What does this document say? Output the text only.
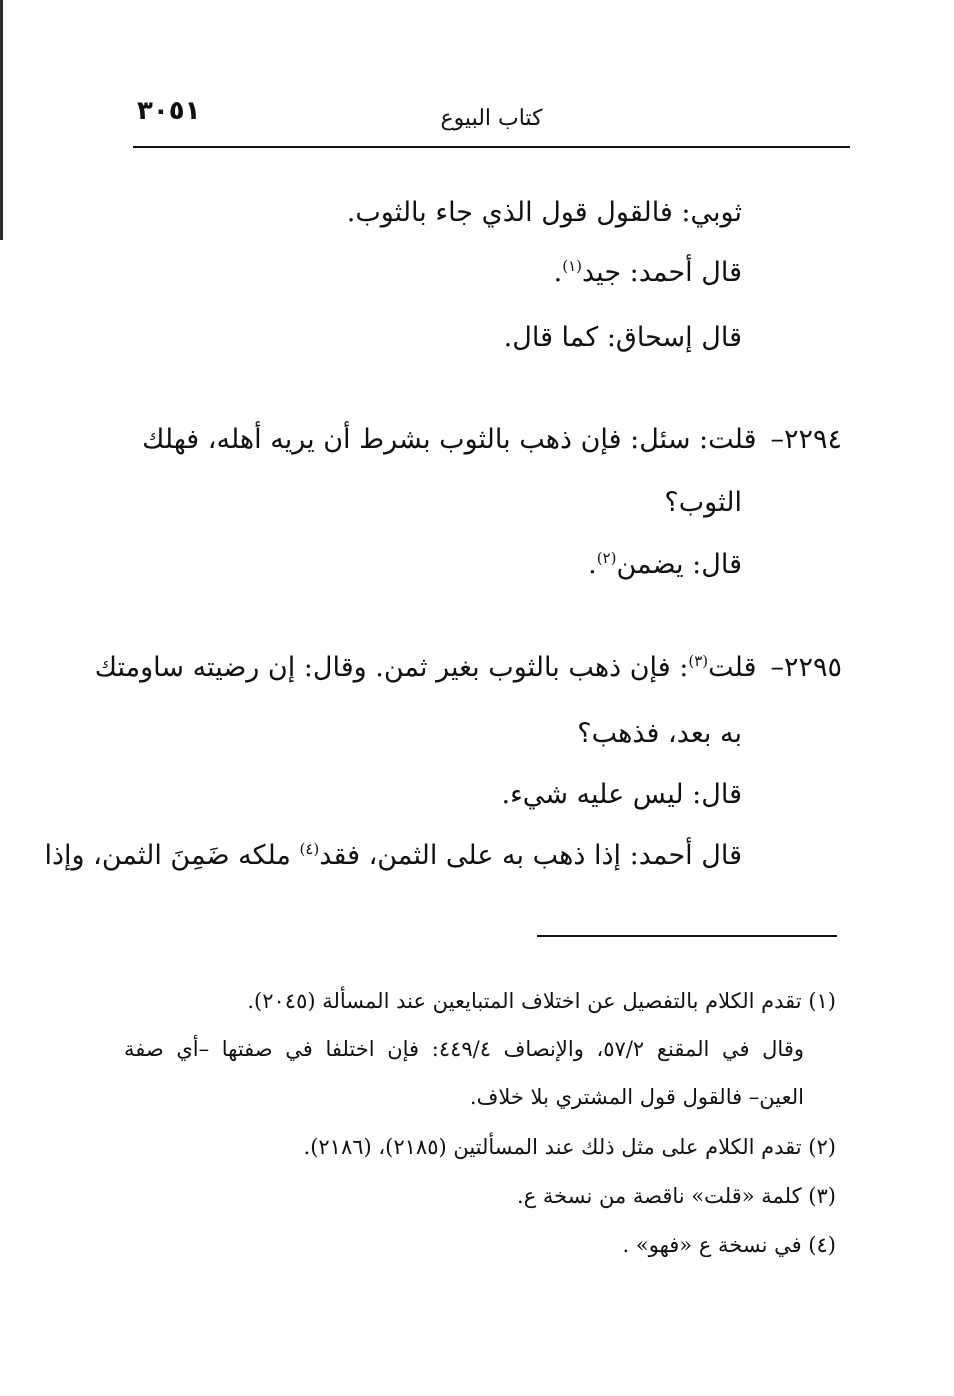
٣٠٥١	كتاب البيوع
ثوبي: فالقول قول الذي جاء بالثوب.
قال أحمد: جيد$^{(١)}$.
قال إسحاق: كما قال.
٢٢٩٤–قلت: سئل: فإن ذهب بالثوب بشرط أن يريه أهله، فهلك
الثوب؟
قال: يضمن$^{(٢)}$.
٢٢٩٥–قلت$^{(٣)}$: فإن ذهب بالثوب بغير ثمن. وقال: إن رضيته ساومتك
به بعد، فذهب؟
قال: ليس عليه شيء.
قال أحمد: إذا ذهب به على الثمن، فقد$^{(٤)}$ ملكه ضَمِنَ الثمن، وإذا
(١) تقدم الكلام بالتفصيل عن اختلاف المتبايعين عند المسألة (٢٠٤٥).
وقال في المقنع ٥٧/٢، والإنصاف ٤٤٩/٤: فإن اختلفا في صفتها –أي صفة
العين– فالقول قول المشتري بلا خلاف.
(٢) تقدم الكلام على مثل ذلك عند المسألتين (٢١٨٥)، (٢١٨٦).
(٣) كلمة «قلت» ناقصة من نسخة ع.
(٤) في نسخة ع «فهو» .
